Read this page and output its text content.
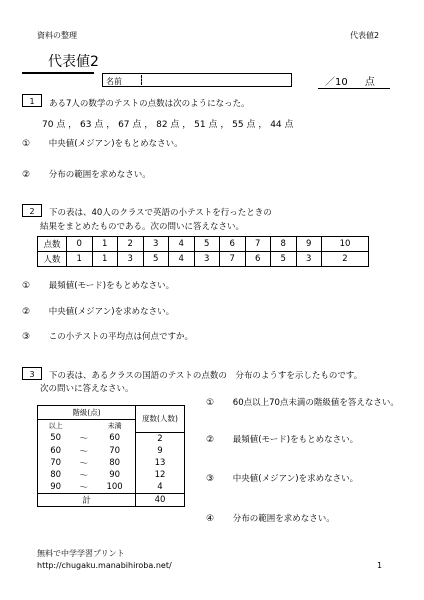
資料の整理	代表値2
代表値2
名前	／10 点
1	ある7人の数学のテストの点数は次のようになった。
70 点 ， 63 点 ， 67 点 ， 82 点 ， 51 点 ， 55 点 ， 44 点
① 中央値(メジアン)をもとめなさい。
② 分布の範囲を求めなさい。
2	下の表は、40人のクラスで英語の小テストを行ったときの
結果をまとめたものである。次の問いに答えなさい。
点数	0	1	2	3	4	5	6	7	8	9	10
人数	1	1	3	5	4	3	7	6	5	3	2
① 最頻値(モード)をもとめなさい。
② 中央値(メジアン)を求めなさい。
③ この小テストの平均点は何点ですか。
3	下の表は、あるクラスの国語のテストの点数の　分布のようすを示したものです。
次の問いに答えなさい。
階級(点)			度数(人数)
以上		未満	
50	～	60	2
60	～	70	9
70	～	80	13
80	～	90	12
90	～	100	4
計			40
① 60点以上70点未満の階級値を答えなさい。
② 最頻値(モード)をもとめなさい。
③ 中央値(メジアン)を求めなさい。
④ 分布の範囲を求めなさい。
無料で中学学習プリント
http://chugaku.manabihiroba.net/	1
